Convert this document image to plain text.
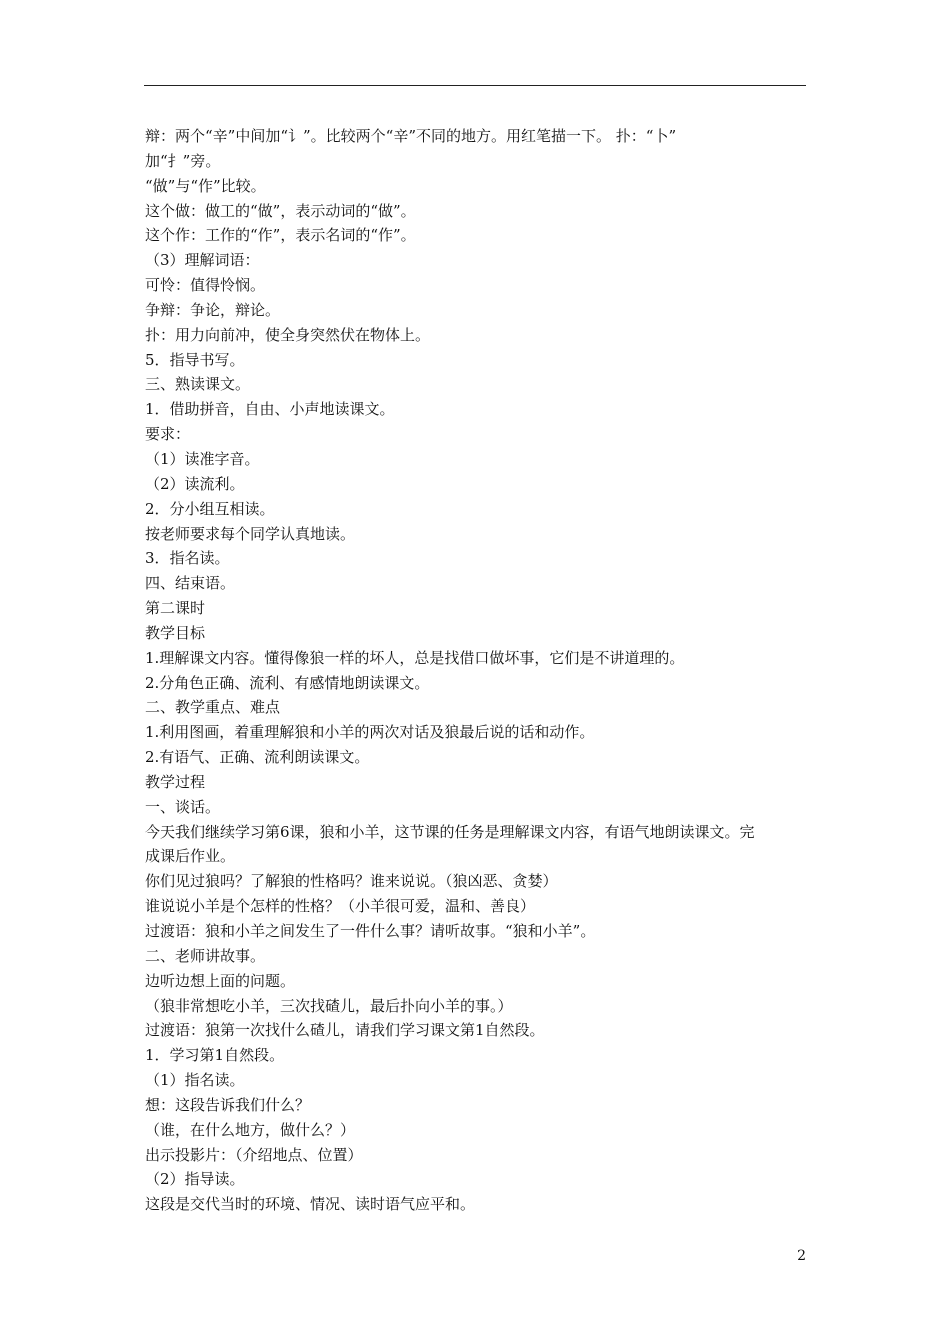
辩：两个“辛”中间加“讠”。比较两个“辛”不同的地方。用红笔描一下。 扑：“卜”
加“扌”旁。
“做”与“作”比较。
这个做：做工的“做”，表示动词的“做”。
这个作：工作的“作”，表示名词的“作”。
（3）理解词语：
可怜：值得怜悯。
争辩：争论，辩论。
扑：用力向前冲，使全身突然伏在物体上。
5．指导书写。
三、熟读课文。
1．借助拼音，自由、小声地读课文。
要求：
（1）读准字音。
（2）读流利。
2．分小组互相读。
按老师要求每个同学认真地读。
3．指名读。
四、结束语。
第二课时
教学目标
1.理解课文内容。懂得像狼一样的坏人，总是找借口做坏事，它们是不讲道理的。
2.分角色正确、流利、有感情地朗读课文。
二、教学重点、难点
1.利用图画，着重理解狼和小羊的两次对话及狼最后说的话和动作。
2.有语气、正确、流利朗读课文。
教学过程
一、谈话。
今天我们继续学习第6课，狼和小羊，这节课的任务是理解课文内容，有语气地朗读课文。完
成课后作业。
你们见过狼吗？了解狼的性格吗？谁来说说。（狼凶恶、贪婪）
谁说说小羊是个怎样的性格？（小羊很可爱，温和、善良）
过渡语：狼和小羊之间发生了一件什么事？请听故事。“狼和小羊”。
二、老师讲故事。
边听边想上面的问题。
（狼非常想吃小羊，三次找碴儿，最后扑向小羊的事。）
过渡语：狼第一次找什么碴儿，请我们学习课文第1自然段。
1．学习第1自然段。
（1）指名读。
想：这段告诉我们什么？
（谁，在什么地方，做什么？）
出示投影片：（介绍地点、位置）
（2）指导读。
这段是交代当时的环境、情况、读时语气应平和。
2
